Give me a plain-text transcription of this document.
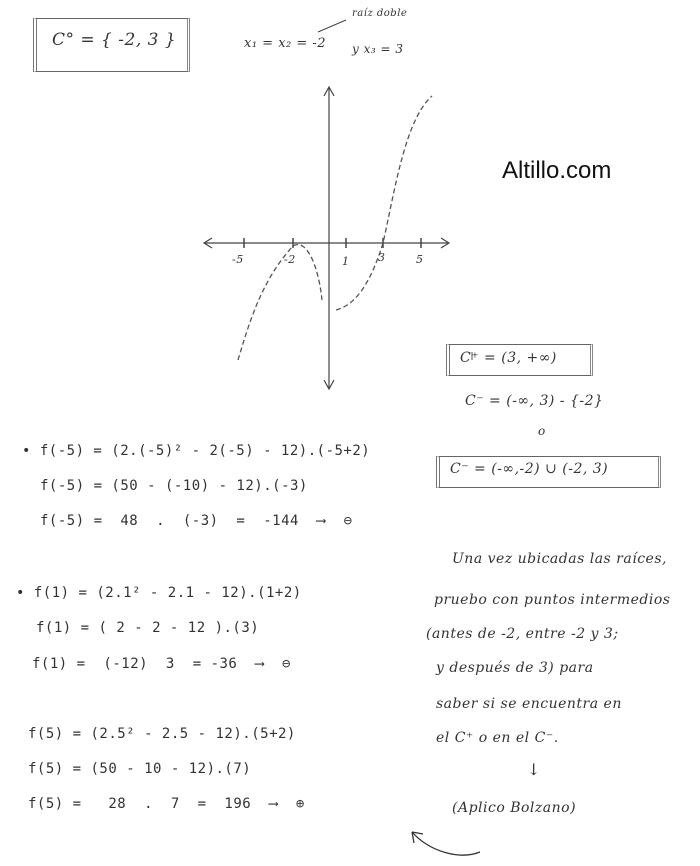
C° = { -2, 3 }	x₁ = x₂ = -2
raíz doble
y x₃ = 3
Altillo.com
-5	-2	1	3	5
C⁺ = (3, +∞)
C⁻ = (-∞, 3) - {-2}
o
C⁻ = (-∞,-2) ∪ (-2, 3)
• f(-5) = (2.(-5)² - 2(-5) - 12).(-5+2)
f(-5) = (50 - (-10) - 12).(-3)
f(-5) =  48  .  (-3)  =  -144  ⟶  ⊖
• f(1) = (2.1² - 2.1 - 12).(1+2)
f(1) = ( 2 - 2 - 12 ).(3)
f(1) =  (-12)  3  = -36  ⟶  ⊖
f(5) = (2.5² - 2.5 - 12).(5+2)
f(5) = (50 - 10 - 12).(7)
f(5) =   28  .  7  =  196  ⟶  ⊕
Una vez ubicadas las raíces,
pruebo con puntos intermedios
(antes de -2, entre -2 y 3;
y después de 3) para
saber si se encuentra en
el C⁺ o en el C⁻.
↓
(Aplico Bolzano)
